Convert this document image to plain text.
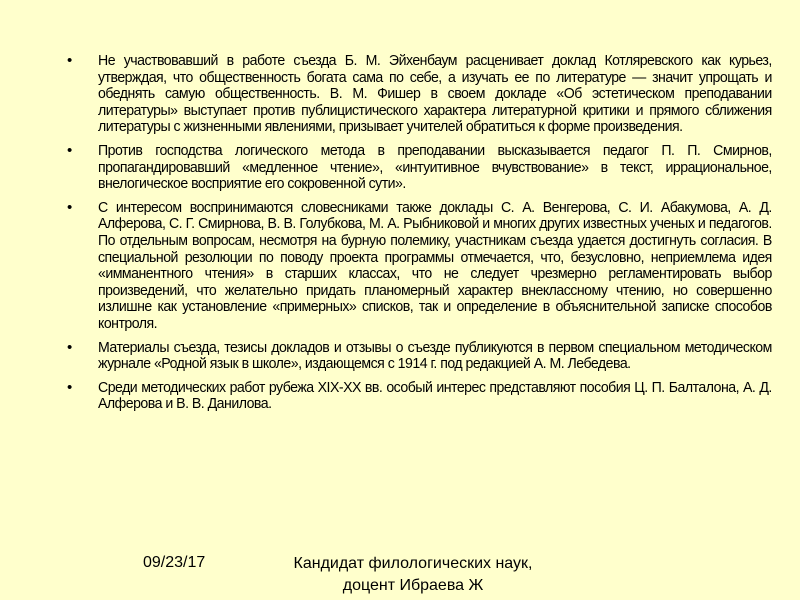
• Не участвовавший в работе съезда Б. М. Эйхенбаум расценивает доклад Котляревского как курьез, утверждая, что общественность богата сама по себе, а изучать ее по литературе — значит упрощать и обеднять самую общественность. В. М. Фишер в своем докладе «Об эстетическом преподавании литературы» выступает против публицистического характера литературной критики и прямого сближения литературы с жизненными явлениями, призывает учителей обратиться к форме произведения.
• Против господства логического метода в преподавании высказывается педагог П. П. Смирнов, пропагандировавший «медленное чтение», «интуитивное вчувствование» в текст, иррациональное, внелогическое восприятие его сокровенной сути».
• С интересом воспринимаются словесниками также доклады С. А. Венгерова, С. И. Абакумова, А. Д. Алферова, С. Г. Смирнова, В. В. Голубкова, М. А. Рыбниковой и многих других известных ученых и педагогов. По отдельным вопросам, несмотря на бурную полемику, участникам съезда удается достигнуть согласия. В специальной резолюции по поводу проекта программы отмечается, что, безусловно, неприемлема идея «имманентного чтения» в старших классах, что не следует чрезмерно регламентировать выбор произведений, что желательно придать планомерный характер внеклассному чтению, но совершенно излишне как установление «примерных» списков, так и определение в объяснительной записке способов контроля.
• Материалы съезда, тезисы докладов и отзывы о съезде публикуются в первом специальном методическом журнале «Родной язык в школе», издающемся с 1914 г. под редакцией А. М. Лебедева.
• Среди методических работ рубежа XIX-XX вв. особый интерес представляют пособия Ц. П. Балталона, А. Д. Алферова и В. В. Данилова.
09/23/17	Кандидат филологических наук, доцент Ибраева Ж
